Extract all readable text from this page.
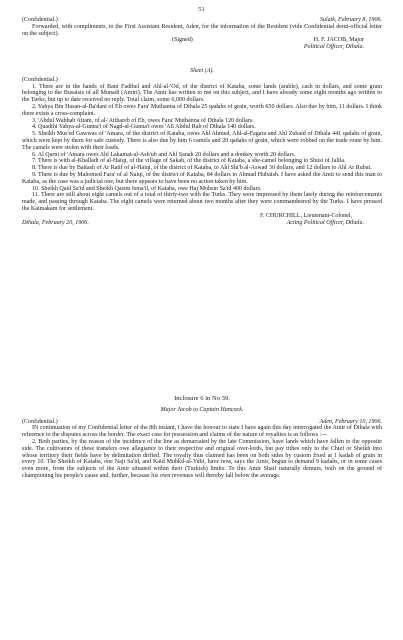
51
(Confidential.)	Sulaik, February 8, 1906.

Forwarded, with compliments, to the First Assistant Resident, Aden, for the information of the Resident (vide Confidential demi-official letter on the subject).

(Signed)	H. F. JACOB, Major
Political Officer, Dthala.
Sheet (A).
(Confidential.)

1. There are in the hands of Bani Fadthel and Ahl-al-'Od, of the district of Kataba, some lands (arable), cash in dollars, and some grain belonging to the Busaisis of all Munadi (Amiri). The Amir has written to me on this subject, and I have already some eight months ago written to the Turks, but up to date received no reply. Total claim, some 6,000 dollars.

2. Yahya Bin Hasan-al-Ba'dani of Eb owes Fara' Muthanna of Dthala 25 qadahs of grain, worth 650 dollars. Also due by him, 11 dollars. I think there exists a cross-complaint.

3. 'Abdul Wahhab Attam, of al-'Atthareb of Eb, owes Fara' Muthanna of Dthala 120 dollars.

4. Quadthi Yahya-al-Gunna'i of Nagd-al-Gunna'i owes 'Ali Abdul Rab of Dthala 140 dollars.

5. Sheikh Mus'ed Gawwas of 'Amara, of the district of Kataba, owes Ahl Ahmed, Ahl-al-Fagara and Ahl Zubaid of Dthala 441 qadahs of grain, which were kept by them for safe custody. There is also due by him 6 camels and 20 qadahs of grain, which were robbed on the trade route by him. The camels were stolen with their loads.

6. Al Qarni of 'Amara owes Ahl Lakamat-al-Ash'ub and Ahl Sanah 20 dollars and a donkey worth 20 dollars.

7. There is with al-Khalladi of al-Haiqi, of the village of Sakah, of the district of Kataba, a she-camel belonging to Shusi of Jalila.

8. There is due by Battash of Ar Ratif of al-Haiqi, of the district of Kataba, to Ahl Shi'b al-Aswad 30 dollars, and 12 dollars to Ahl Ar Rubat.

9. There is due by Mahomed Fara' of al Naiqi, of the district of Kataba, 84 dollars to Ahmad Hubaish. I have asked the Amir to send this man to Kataba, as the case was a judicial one, but there appears to have been no action taken by him.

10. Sheikh Qaid Sa'id and Sheikh Qasim Isma'il, of Kataba, owe Haj Mohsin Sa'id 400 dollars.

11. There are still about eight camels out of a total of thirty-two with the Turks. They were impressed by them lately during the reinforcements made, and passing through Kataba. The eight camels were returned about two months after they were commandeered by the Turks. I have pressed the Kaimakam for settlement.

F. CHURCHILL, Lieutenant-Colonel,
Dthala, February 20, 1906.	Acting Political Officer, Dthala.
Inclosure 6 in No 39.
Major Jacob to Captain Hancock.
(Confidential.)	Aden, February 10, 1906.

IN continuation of my Confidential letter of the 8th instant, I have the honour to state I have again this day interrogated the Amir of Dthala with reference to the disputes across the border. The exact case for possession and claims of the nature of royalties is as follows :—

2. Both parties, by the reason of the incidence of the line as demarcated by the late Commission, have lands which have fallen to the opposite side. The cultivators of these transfers owe allegiance to their respective and original over-lords, but pay tithes only to the Chief or Sheikh into whose territory their fields have by delimitation drifted. The royalty thus claimed has been on both sides by custom fixed at 1 kadah of grain in every 10. The Sheikh of Kataba, one Naji Sa'id, and Kaid Mubkil-al-Yubi, have now, says the Amir, begun to demand 9 kadahs, or in some cases even more, from the subjects of the Amir situated within their (Turkish) limits. To this Amir Shaif naturally demurs, both on the ground of championing his people's cause and, further, because his own revenues will thereby fall below the average.
